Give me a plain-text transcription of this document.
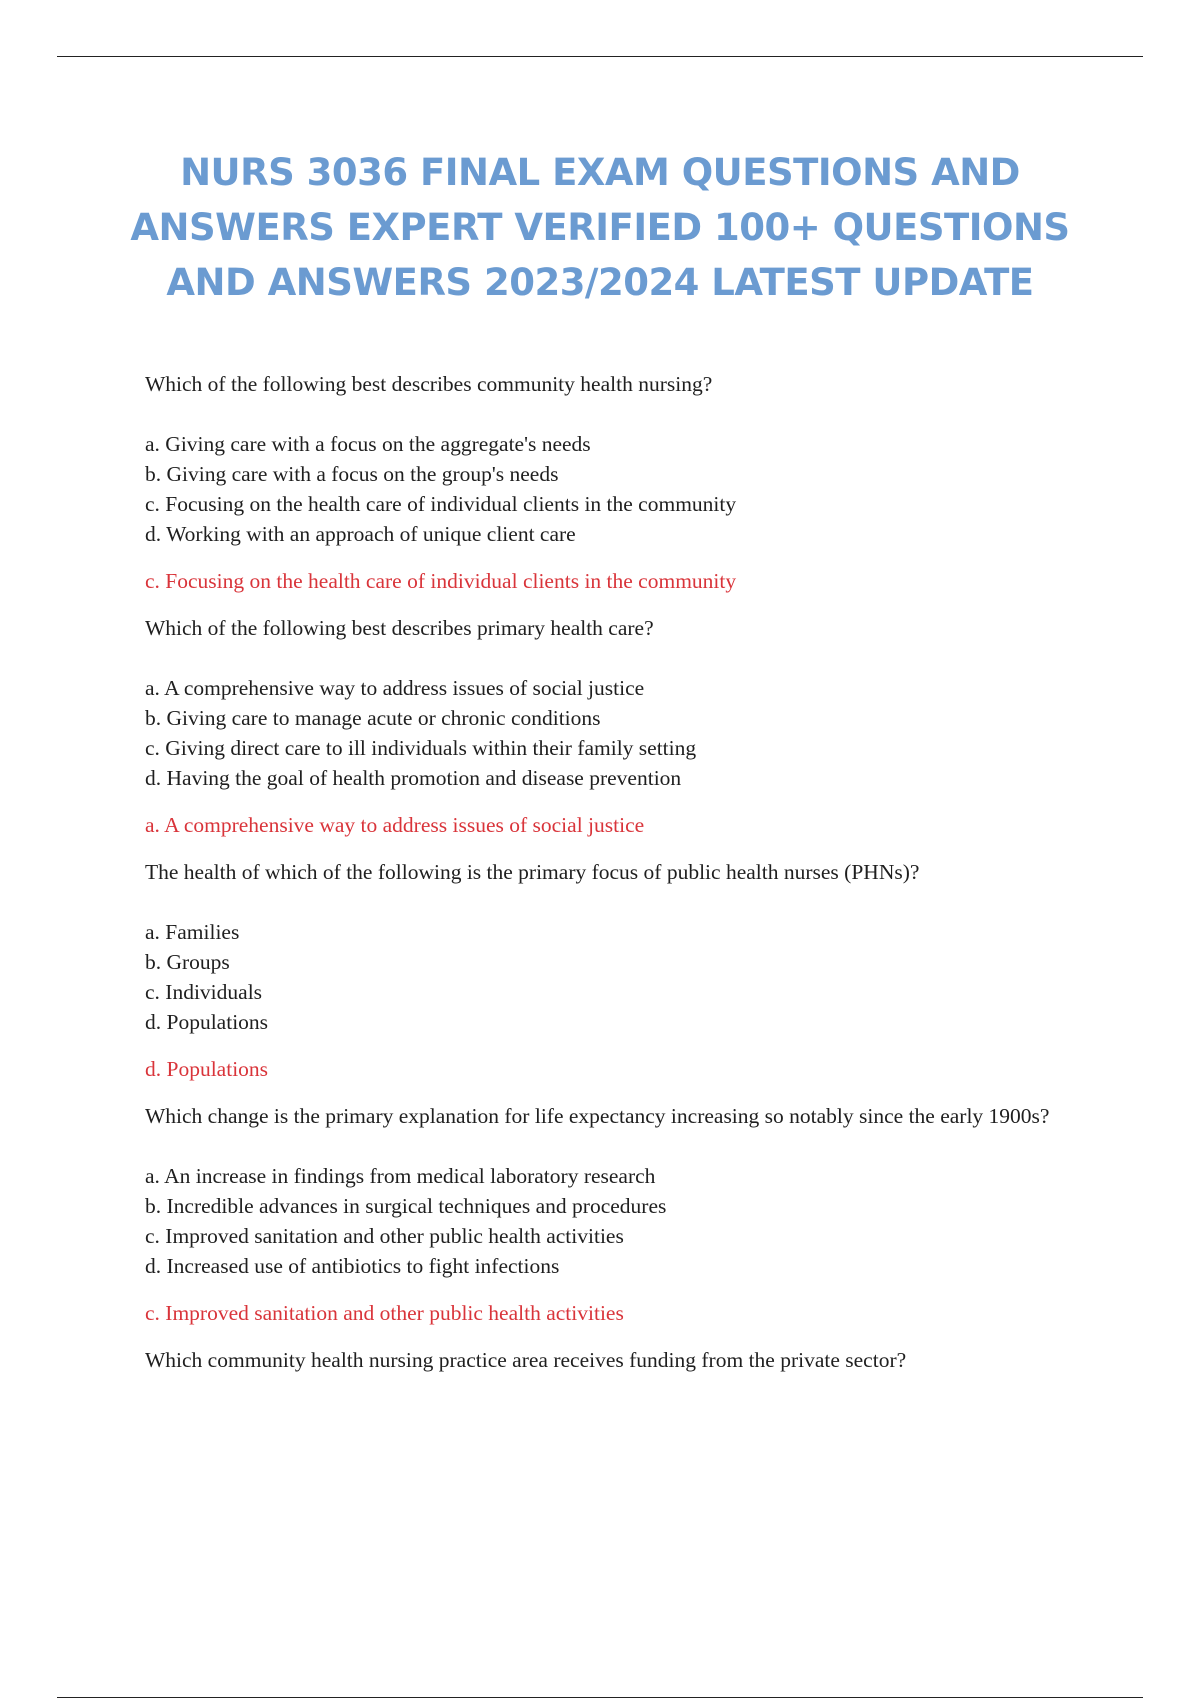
NURS 3036 FINAL EXAM QUESTIONS AND
ANSWERS EXPERT VERIFIED 100+ QUESTIONS
AND ANSWERS 2023/2024 LATEST UPDATE

Which of the following best describes community health nursing?

a. Giving care with a focus on the aggregate's needs
b. Giving care with a focus on the group's needs
c. Focusing on the health care of individual clients in the community
d. Working with an approach of unique client care

c. Focusing on the health care of individual clients in the community

Which of the following best describes primary health care?

a. A comprehensive way to address issues of social justice
b. Giving care to manage acute or chronic conditions
c. Giving direct care to ill individuals within their family setting
d. Having the goal of health promotion and disease prevention

a. A comprehensive way to address issues of social justice

The health of which of the following is the primary focus of public health nurses (PHNs)?

a. Families
b. Groups
c. Individuals
d. Populations

d. Populations

Which change is the primary explanation for life expectancy increasing so notably since the early 1900s?

a. An increase in findings from medical laboratory research
b. Incredible advances in surgical techniques and procedures
c. Improved sanitation and other public health activities
d. Increased use of antibiotics to fight infections

c. Improved sanitation and other public health activities

Which community health nursing practice area receives funding from the private sector?
